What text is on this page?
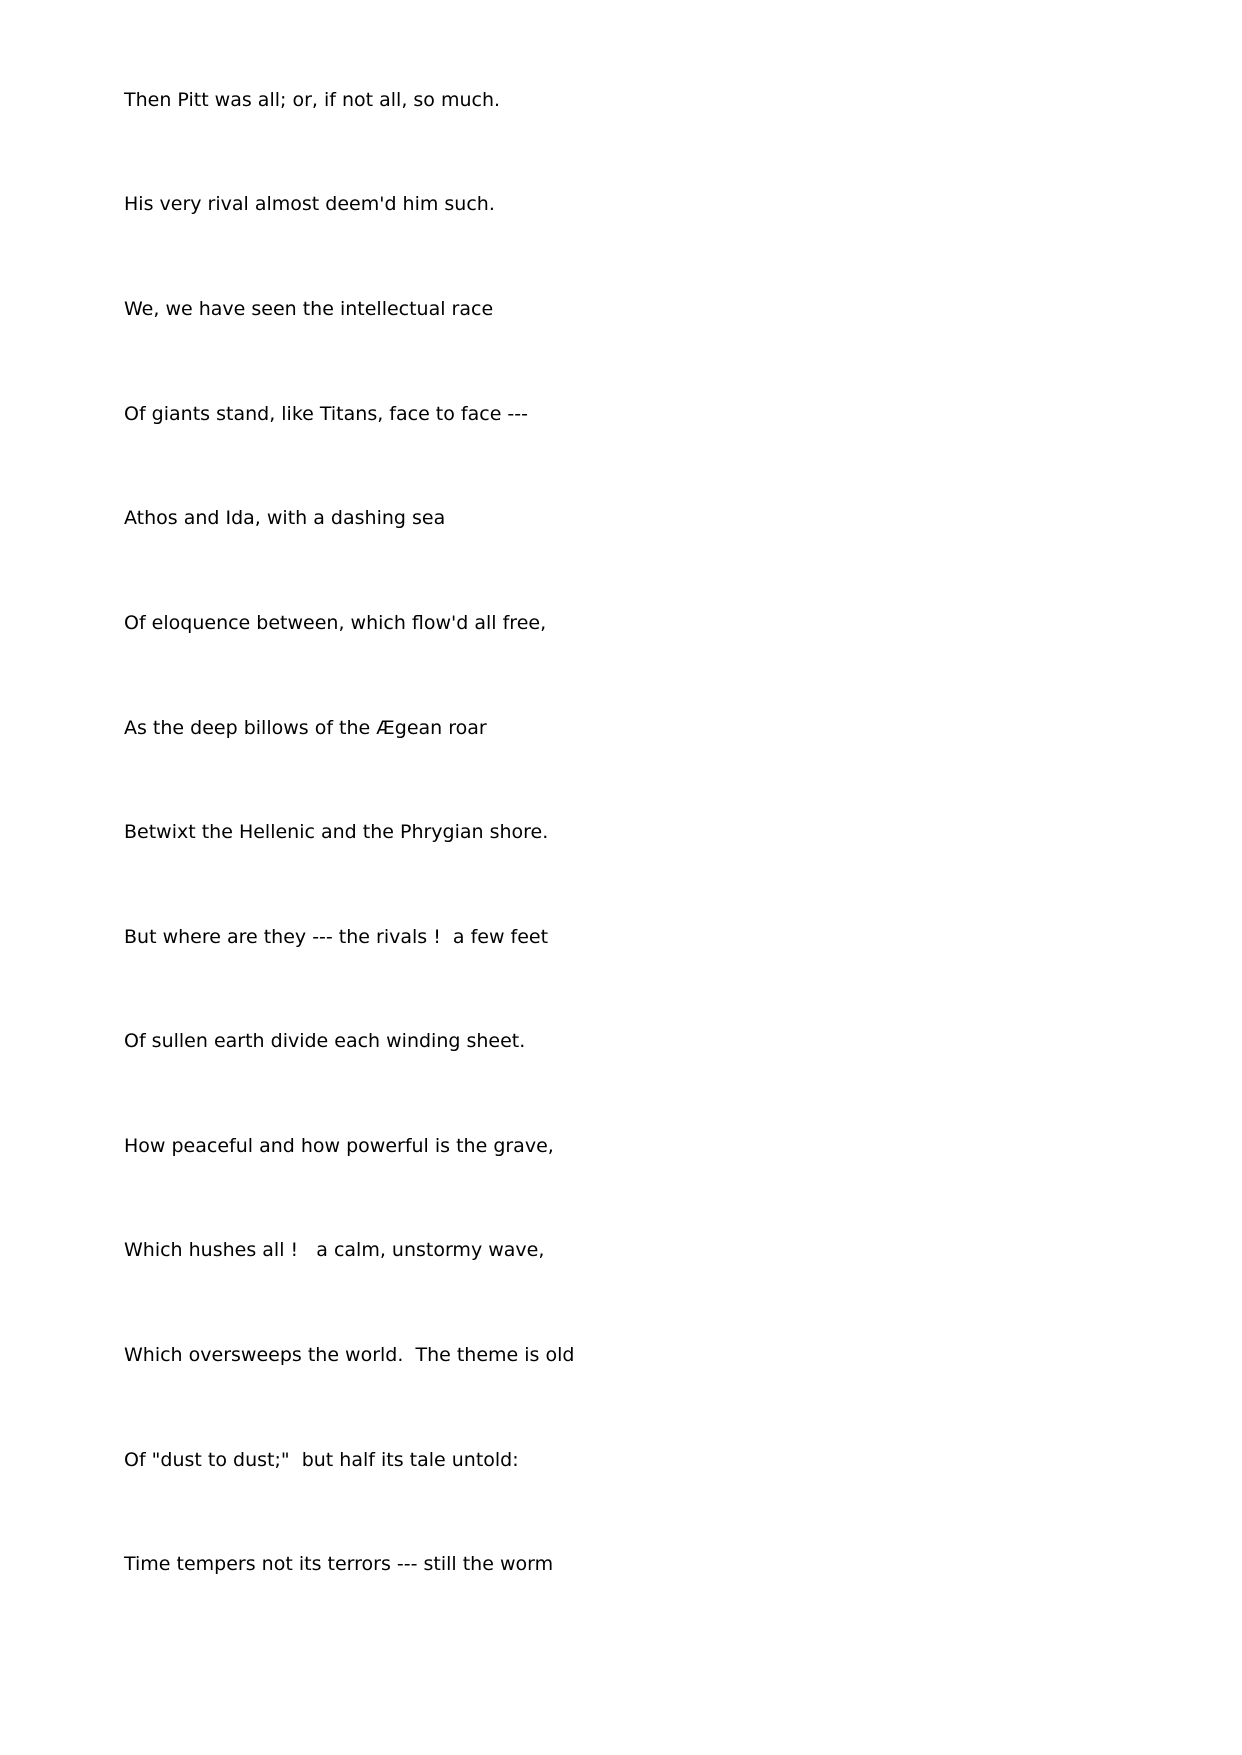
Then Pitt was all; or, if not all, so much.

His very rival almost deem'd him such.

We, we have seen the intellectual race

Of giants stand, like Titans, face to face ---

Athos and Ida, with a dashing sea

Of eloquence between, which flow'd all free,

As the deep billows of the Ægean roar

Betwixt the Hellenic and the Phrygian shore.

But where are they --- the rivals !  a few feet

Of sullen earth divide each winding sheet.

How peaceful and how powerful is the grave,

Which hushes all !   a calm, unstormy wave,

Which oversweeps the world.  The theme is old

Of "dust to dust;"  but half its tale untold:

Time tempers not its terrors --- still the worm
